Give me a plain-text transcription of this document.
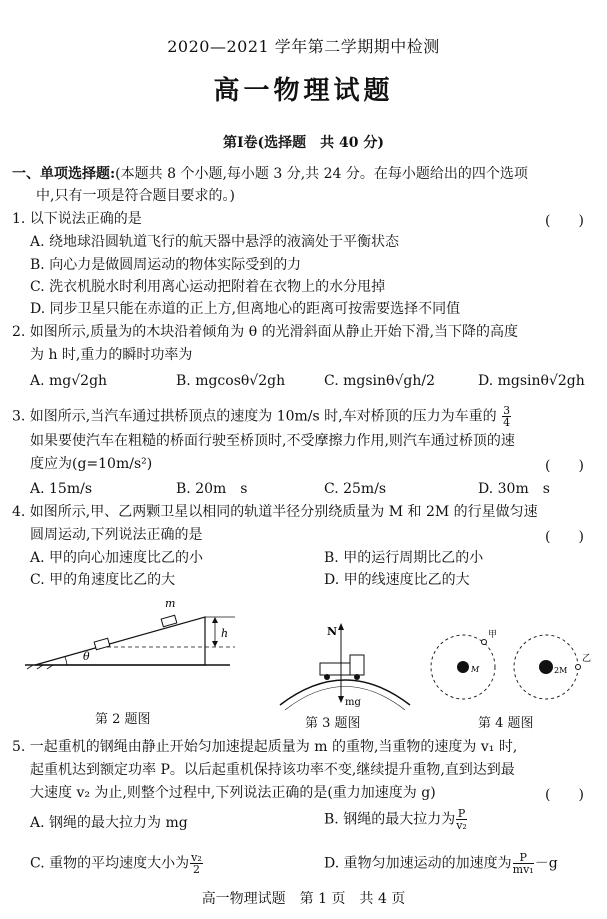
2020—2021 学年第二学期期中检测
高一物理试题
第Ⅰ卷(选择题　共 40 分)
一、单项选择题:(本题共 8 个小题,每小题 3 分,共 24 分。在每小题给出的四个选项
中,只有一项是符合题目要求的。)
1. 以下说法正确的是	(　　)
A. 绕地球沿圆轨道飞行的航天器中悬浮的液滴处于平衡状态
B. 向心力是做圆周运动的物体实际受到的力
C. 洗衣机脱水时利用离心运动把附着在衣物上的水分甩掉
D. 同步卫星只能在赤道的正上方,但离地心的距离可按需要选择不同值
2. 如图所示,质量为的木块沿着倾角为 θ 的光滑斜面从静止开始下滑,当下降的高度
为 h 时,重力的瞬时功率为
A. mg√2gh	B. mgcosθ√2gh	C. mgsinθ√gh/2	D. mgsinθ√2gh
3. 如图所示,当汽车通过拱桥顶点的速度为 10m/s 时,车对桥顶的压力为车重的 $\frac{3}{4}$
如果要使汽车在粗糙的桥面行驶至桥顶时,不受摩擦力作用,则汽车通过桥顶的速
度应为(g=10m/s²)	(　　)
A. 15m/s	B. 20m　s	C. 25m/s	D. 30m　s
4. 如图所示,甲、乙两颗卫星以相同的轨道半径分别绕质量为 M 和 2M 的行星做匀速
圆周运动,下列说法正确的是	(　　)
A. 甲的向心加速度比乙的小	B. 甲的运行周期比乙的小
C. 甲的角速度比乙的大	D. 甲的线速度比乙的大
m
h
θ
N
mg
甲
乙
M	2M
第 2 题图	第 3 题图	第 4 题图
5. 一起重机的钢绳由静止开始匀加速提起质量为 m 的重物,当重物的速度为 v₁ 时,
起重机达到额定功率 P。以后起重机保持该功率不变,继续提升重物,直到达到最
大速度 v₂ 为止,则整个过程中,下列说法正确的是(重力加速度为 g)	(　　)
A. 钢绳的最大拉力为 mg	B. 钢绳的最大拉力为 $\frac{P}{\text{v₂}}$
C. 重物的平均速度大小为 $\frac{\text{v₂}}{2}$	D. 重物匀加速运动的加速度为 $\frac{P}{\text{mv₁}} -g$
高一物理试题　第 1 页　共 4 页
